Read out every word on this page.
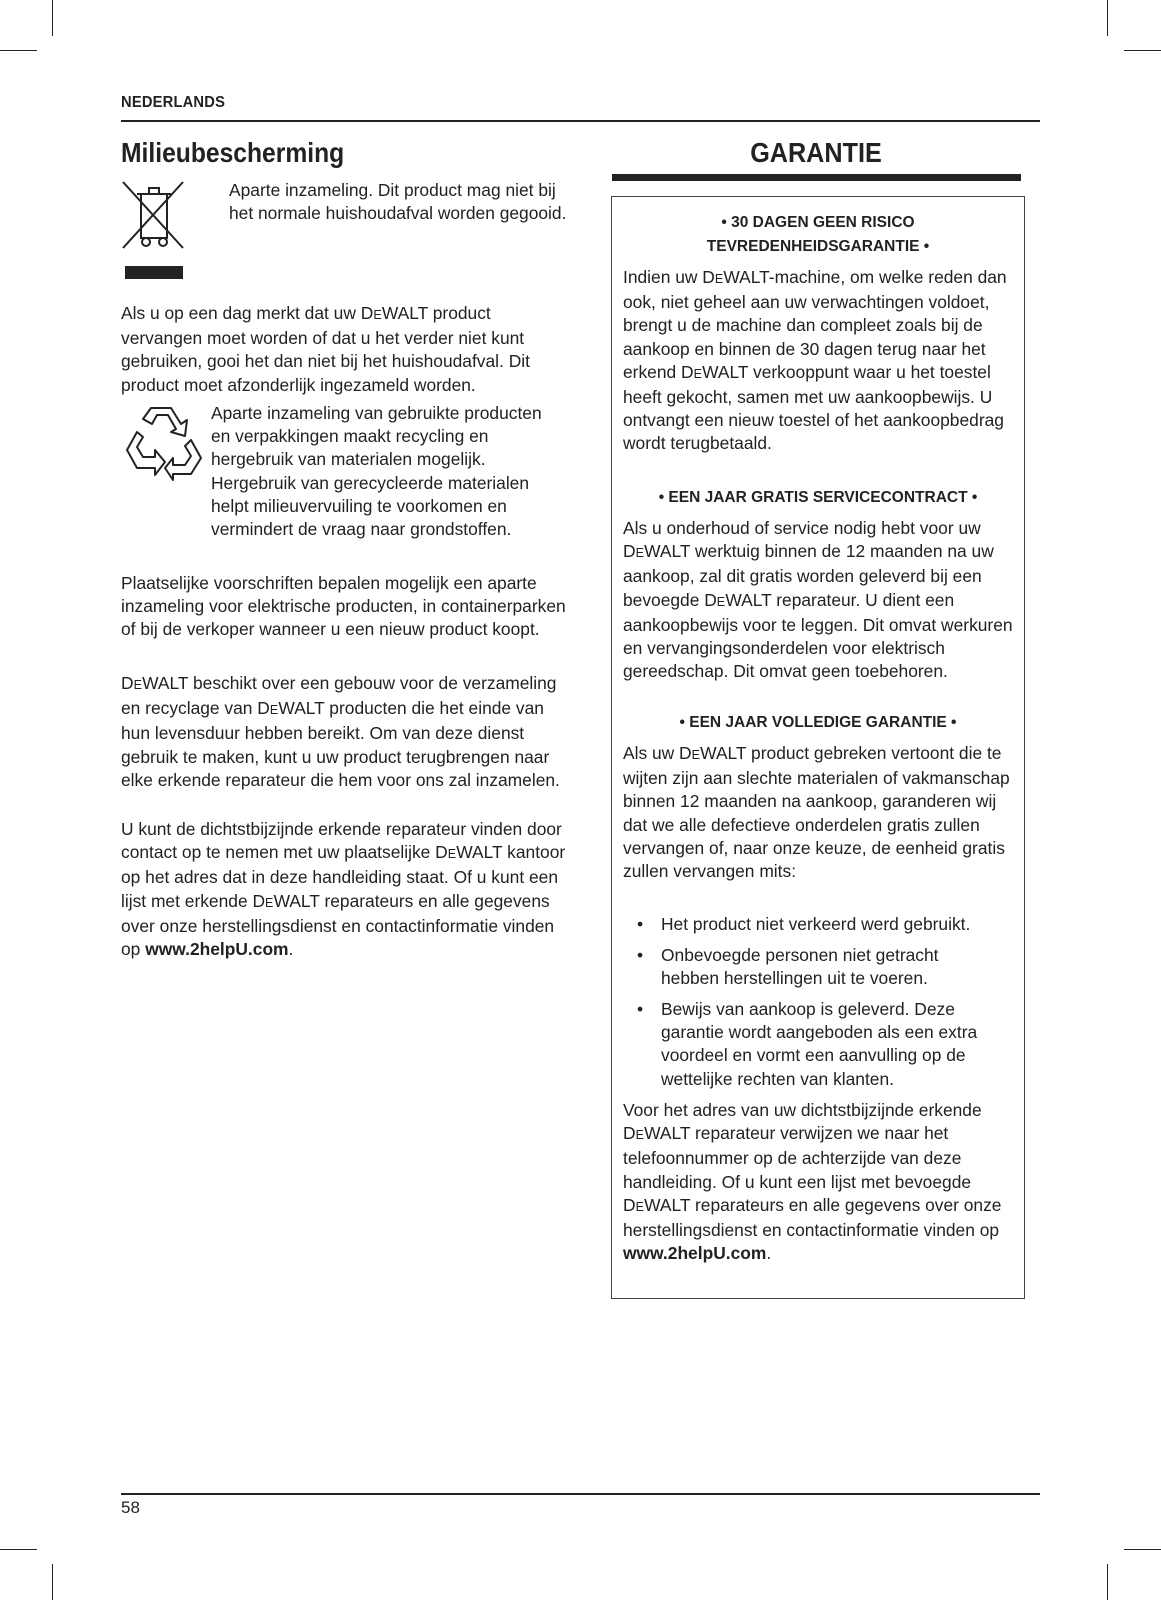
NEDERLANDS
Milieubescherming

Aparte inzameling. Dit product mag niet bij het normale huishoudafval worden gegooid.

Als u op een dag merkt dat uw DEWALT product vervangen moet worden of dat u het verder niet kunt gebruiken, gooi het dan niet bij het huishoudafval. Dit product moet afzonderlijk ingezameld worden.

Aparte inzameling van gebruikte producten en verpakkingen maakt recycling en hergebruik van materialen mogelijk. Hergebruik van gerecycleerde materialen helpt milieuvervuiling te voorkomen en vermindert de vraag naar grondstoffen.

Plaatselijke voorschriften bepalen mogelijk een aparte inzameling voor elektrische producten, in containerparken of bij de verkoper wanneer u een nieuw product koopt.

DEWALT beschikt over een gebouw voor de verzameling en recyclage van DEWALT producten die het einde van hun levensduur hebben bereikt. Om van deze dienst gebruik te maken, kunt u uw product terugbrengen naar elke erkende reparateur die hem voor ons zal inzamelen.

U kunt de dichtstbijzijnde erkende reparateur vinden door contact op te nemen met uw plaatselijke DEWALT kantoor op het adres dat in deze handleiding staat. Of u kunt een lijst met erkende DEWALT reparateurs en alle gegevens over onze herstellingsdienst en contactinformatie vinden op www.2helpU.com.

GARANTIE
• 30 DAGEN GEEN RISICO
TEVREDENHEIDSGARANTIE •

Indien uw DEWALT-machine, om welke reden dan ook, niet geheel aan uw verwachtingen voldoet, brengt u de machine dan compleet zoals bij de aankoop en binnen de 30 dagen terug naar het erkend DEWALT verkooppunt waar u het toestel heeft gekocht, samen met uw aankoopbewijs. U ontvangt een nieuw toestel of het aankoopbedrag wordt terugbetaald.

• EEN JAAR GRATIS SERVICECONTRACT •

Als u onderhoud of service nodig hebt voor uw DEWALT werktuig binnen de 12 maanden na uw aankoop, zal dit gratis worden geleverd bij een bevoegde DEWALT reparateur. U dient een aankoopbewijs voor te leggen. Dit omvat werkuren en vervangingsonderdelen voor elektrisch gereedschap. Dit omvat geen toebehoren.

• EEN JAAR VOLLEDIGE GARANTIE •

Als uw DEWALT product gebreken vertoont die te wijten zijn aan slechte materialen of vakmanschap binnen 12 maanden na aankoop, garanderen wij dat we alle defectieve onderdelen gratis zullen vervangen of, naar onze keuze, de eenheid gratis zullen vervangen mits:

• Het product niet verkeerd werd gebruikt.
• Onbevoegde personen niet getracht hebben herstellingen uit te voeren.
• Bewijs van aankoop is geleverd. Deze garantie wordt aangeboden als een extra voordeel en vormt een aanvulling op de wettelijke rechten van klanten.

Voor het adres van uw dichtstbijzijnde erkende DEWALT reparateur verwijzen we naar het telefoonnummer op de achterzijde van deze handleiding. Of u kunt een lijst met bevoegde DEWALT reparateurs en alle gegevens over onze herstellingsdienst en contactinformatie vinden op www.2helpU.com.

58
